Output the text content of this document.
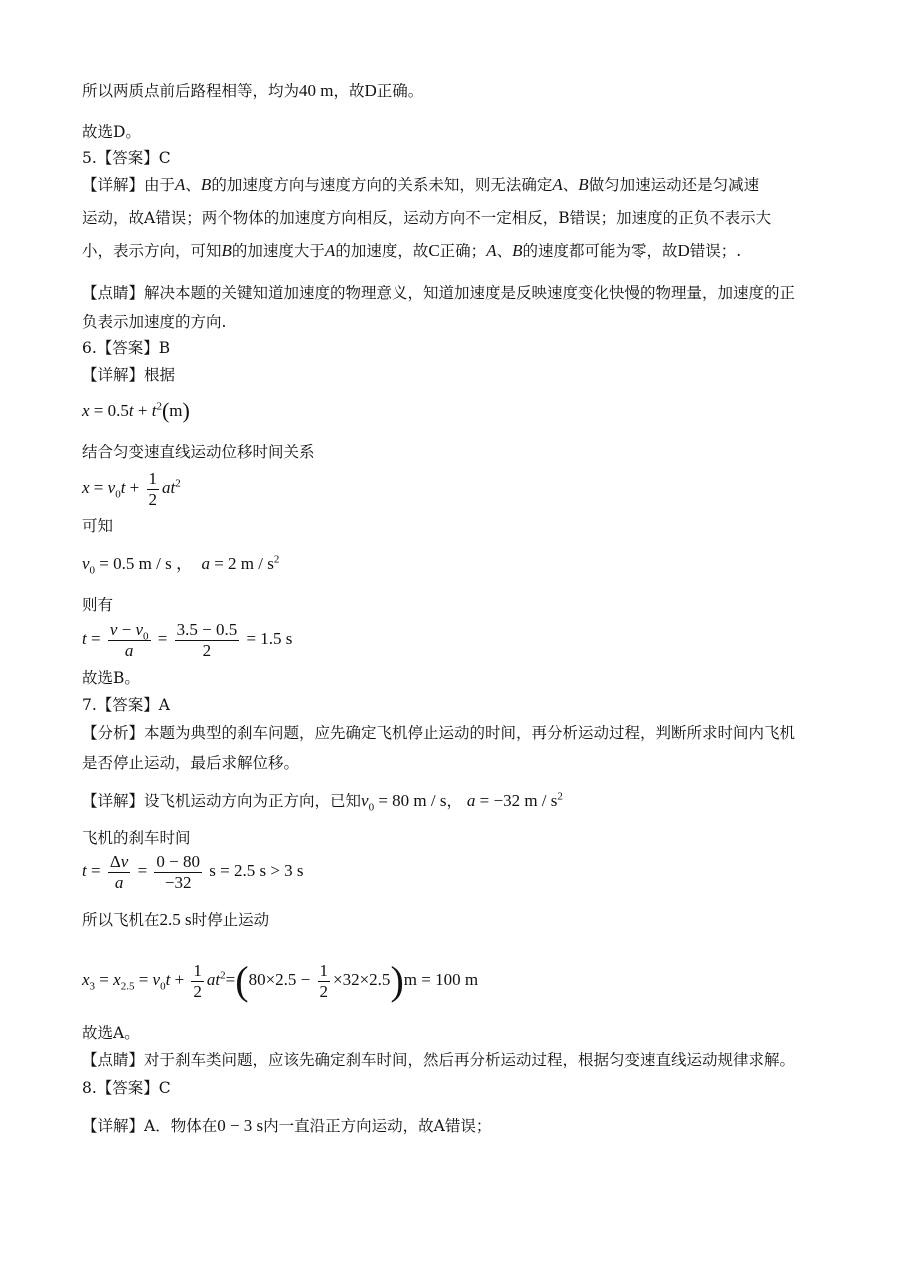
所以两质点前后路程相等，均为40 m，故D正确。
故选D。
5.【答案】C
【详解】由于A、B的加速度方向与速度方向的关系未知，则无法确定A、B做匀加速运动还是匀减速
运动，故A错误；两个物体的加速度方向相反，运动方向不一定相反，B错误；加速度的正负不表示大
小，表示方向，可知B的加速度大于A的加速度，故C正确；A、B的速度都可能为零，故D错误；.
【点睛】解决本题的关键知道加速度的物理意义，知道加速度是反映速度变化快慢的物理量，加速度的正
负表示加速度的方向.
6.【答案】B
【详解】根据
$x = 0.5t + t^2(m)$
结合匀变速直线运动位移时间关系
$x = v_0t + \frac{1}{2} at^2$
可知
$v_0 = 0.5$ m / s ，  a = 2 m / $s^2$
则有
$t = \frac{v - v_0}{a} = \frac{3.5 - 0.5}{2} = 1.5$ s
故选B。
7.【答案】A
【分析】本题为典型的刹车问题，应先确定飞机停止运动的时间，再分析运动过程，判断所求时间内飞机
是否停止运动，最后求解位移。
【详解】设飞机运动方向为正方向，已知$v_0 = 80$ m / s， a = −32 m / $s^2$
飞机的刹车时间
$t = \frac{\Delta v}{a} = \frac{0 - 80}{-32}$ s = 2.5 s > 3 s
所以飞机在2.5 s时停止运动
$x_3 = x_{2.5} = v_0t + \frac{1}{2} at^2=(80\times 2.5 - \frac{1}{2} \times 32\times 2.5)m = 100$ m
故选A。
【点睛】对于刹车类问题，应该先确定刹车时间，然后再分析运动过程，根据匀变速直线运动规律求解。
8.【答案】C
【详解】A．物体在0 − 3 s内一直沿正方向运动，故A错误；
